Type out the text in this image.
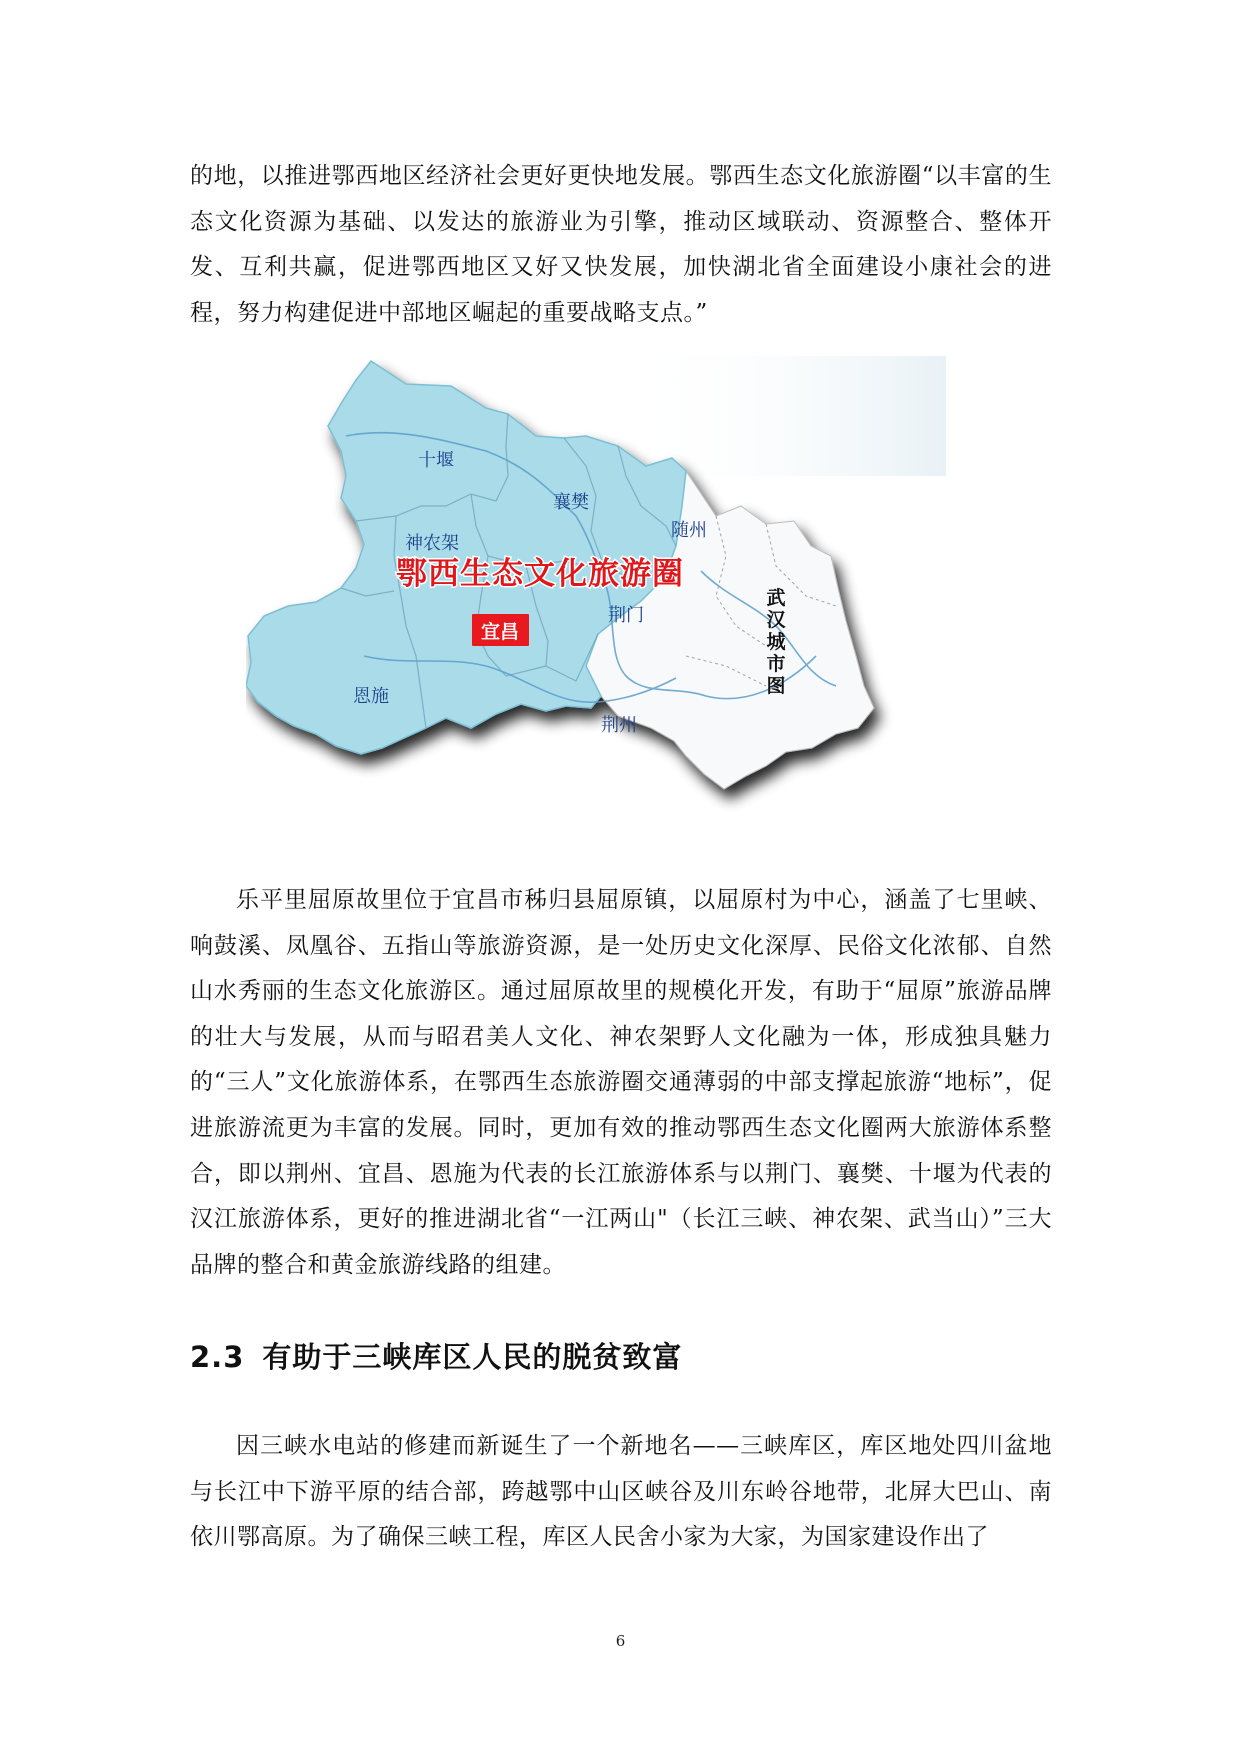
的地，以推进鄂西地区经济社会更好更快地发展。鄂西生态文化旅游圈“以丰富的生态文化资源为基础、以发达的旅游业为引擎，推动区域联动、资源整合、整体开发、互利共赢，促进鄂西地区又好又快发展，加快湖北省全面建设小康社会的进程，努力构建促进中部地区崛起的重要战略支点。”

鄂西生态文化旅游圈
宜昌
十堰
襄樊
随州
神农架
荆门
恩施
荆州
武
汉
城
市
图

乐平里屈原故里位于宜昌市秭归县屈原镇，以屈原村为中心，涵盖了七里峡、响鼓溪、凤凰谷、五指山等旅游资源，是一处历史文化深厚、民俗文化浓郁、自然山水秀丽的生态文化旅游区。通过屈原故里的规模化开发，有助于“屈原”旅游品牌的壮大与发展，从而与昭君美人文化、神农架野人文化融为一体，形成独具魅力的“三人”文化旅游体系，在鄂西生态旅游圈交通薄弱的中部支撑起旅游“地标”，促进旅游流更为丰富的发展。同时，更加有效的推动鄂西生态文化圈两大旅游体系整合，即以荆州、宜昌、恩施为代表的长江旅游体系与以荆门、襄樊、十堰为代表的汉江旅游体系，更好的推进湖北省“一江两山"（长江三峡、神农架、武当山）”三大品牌的整合和黄金旅游线路的组建。

2.3 有助于三峡库区人民的脱贫致富

因三峡水电站的修建而新诞生了一个新地名——三峡库区，库区地处四川盆地与长江中下游平原的结合部，跨越鄂中山区峡谷及川东岭谷地带，北屏大巴山、南依川鄂高原。为了确保三峡工程，库区人民舍小家为大家，为国家建设作出了

6
